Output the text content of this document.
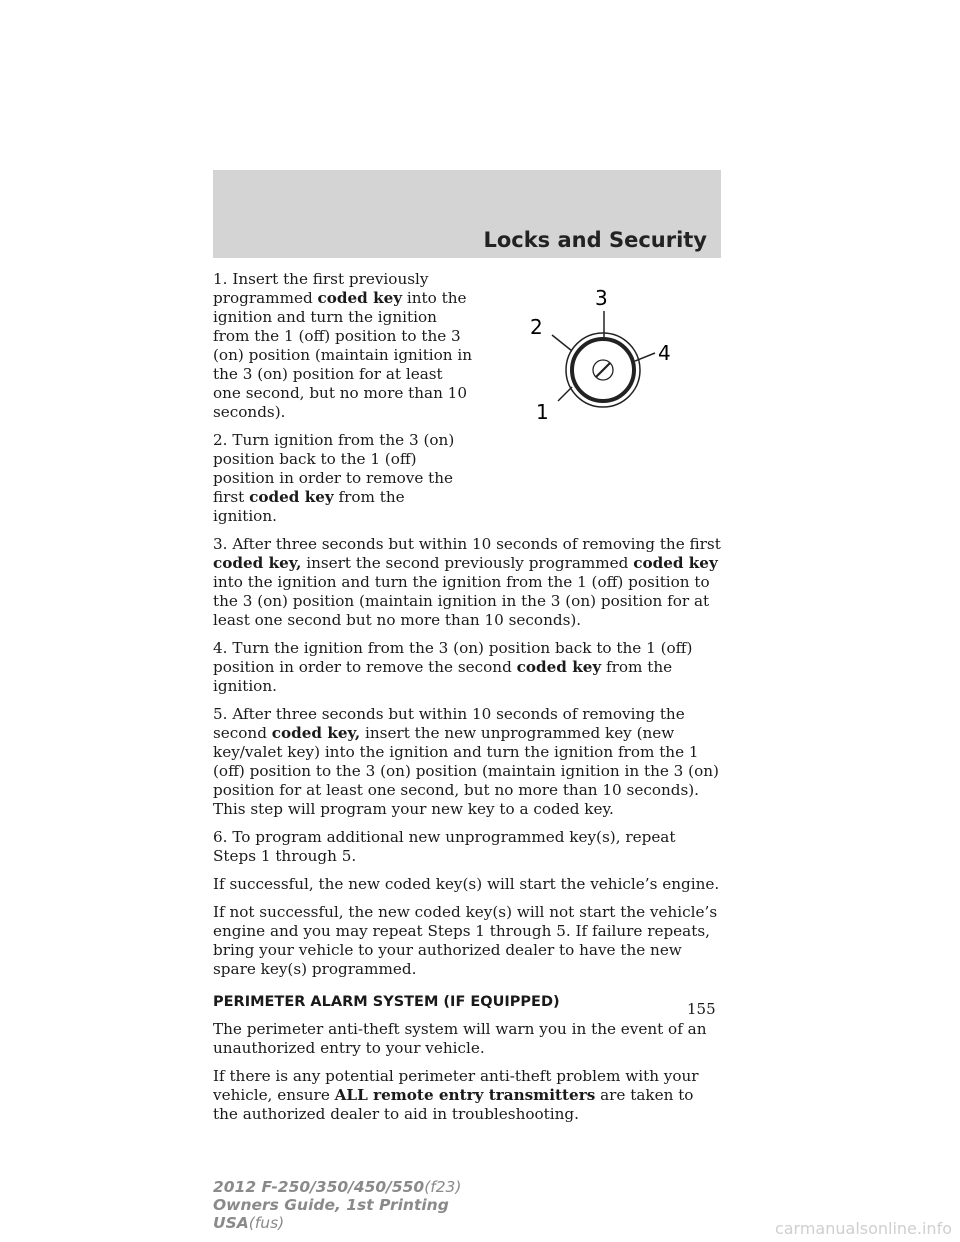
Locks and Security
3
2
4
1

1. Insert the first previously programmed coded key into the ignition and turn the ignition from the 1 (off) position to the 3 (on) position (maintain ignition in the 3 (on) position for at least one second, but no more than 10 seconds).

2. Turn ignition from the 3 (on) position back to the 1 (off) position in order to remove the first coded key from the ignition.

3. After three seconds but within 10 seconds of removing the first coded key, insert the second previously programmed coded key into the ignition and turn the ignition from the 1 (off) position to the 3 (on) position (maintain ignition in the 3 (on) position for at least one second but no more than 10 seconds).

4. Turn the ignition from the 3 (on) position back to the 1 (off) position in order to remove the second coded key from the ignition.

5. After three seconds but within 10 seconds of removing the second coded key, insert the new unprogrammed key (new key/valet key) into the ignition and turn the ignition from the 1 (off) position to the 3 (on) position (maintain ignition in the 3 (on) position for at least one second, but no more than 10 seconds). This step will program your new key to a coded key.

6. To program additional new unprogrammed key(s), repeat Steps 1 through 5.

If successful, the new coded key(s) will start the vehicle’s engine.

If not successful, the new coded key(s) will not start the vehicle’s engine and you may repeat Steps 1 through 5. If failure repeats, bring your vehicle to your authorized dealer to have the new spare key(s) programmed.

PERIMETER ALARM SYSTEM (IF EQUIPPED)

The perimeter anti-theft system will warn you in the event of an unauthorized entry to your vehicle.

If there is any potential perimeter anti-theft problem with your vehicle, ensure ALL remote entry transmitters are taken to the authorized dealer to aid in troubleshooting.

155
2012 F-250/350/450/550(f23)
Owners Guide, 1st Printing
USA(fus)	carmanualsonline.info
